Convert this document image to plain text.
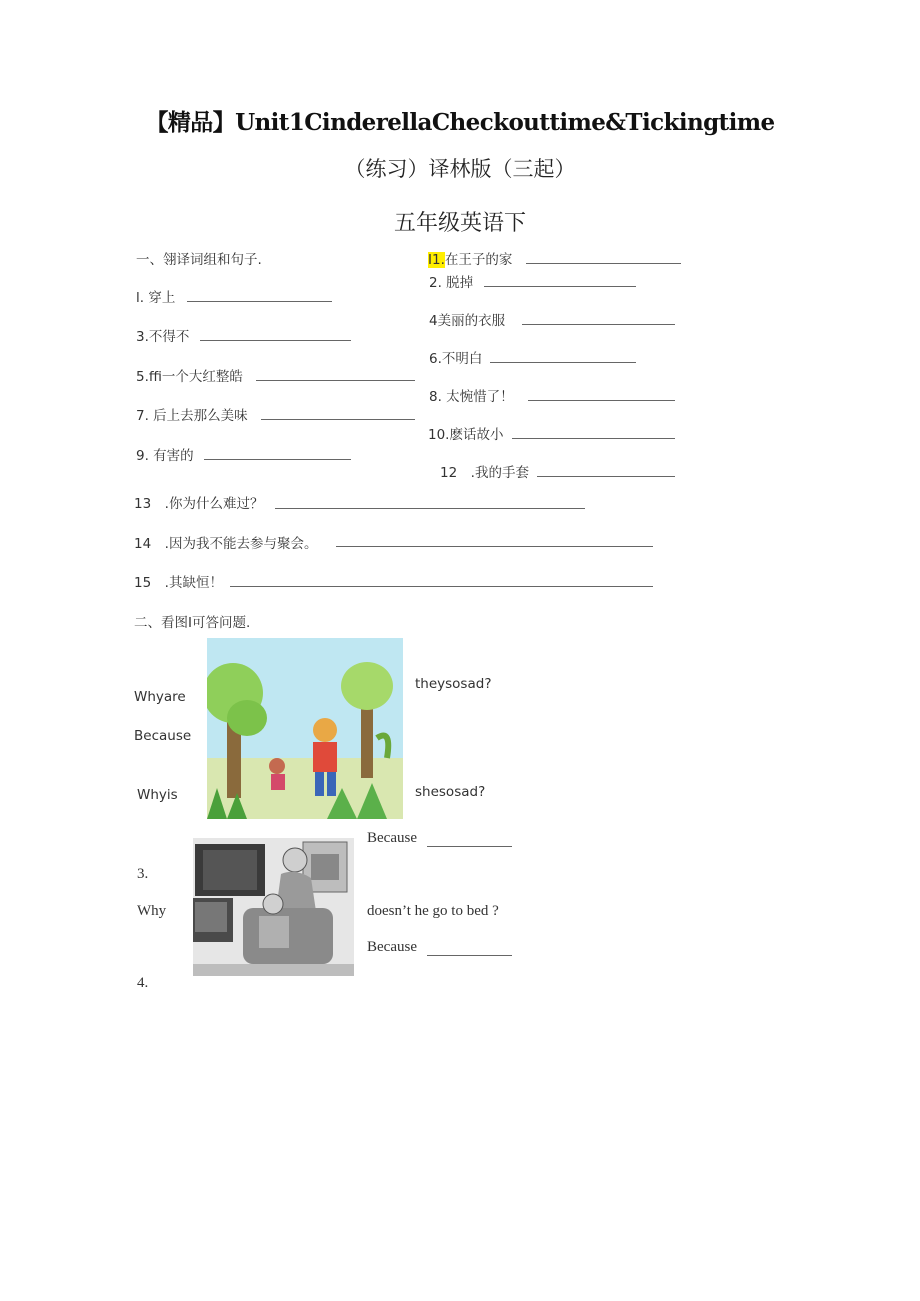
【精品】Unit1CinderellaCheckouttime&Tickingtime
（练习）译林版（三起）
五年级英语下
一、翎译词组和句子.	I1.在王子的家
2. 脱掉
l. 穿上
4美丽的衣服
3.不得不
6.不明白
5.ffi一个大红整皓
8. 太惋惜了！
7. 后上去那么美味
10.麽话故小
9. 有害的
12　.我的手套
13　.你为什么难过？
14　.因为我不能去参与聚会。
15　.其缺恒！
二、看图I可答问题.
Whyare
theysosad?
Because
Whyis	shesosad?
Because
3.
Why	doesn’t he go to bed ?
Because
4.
